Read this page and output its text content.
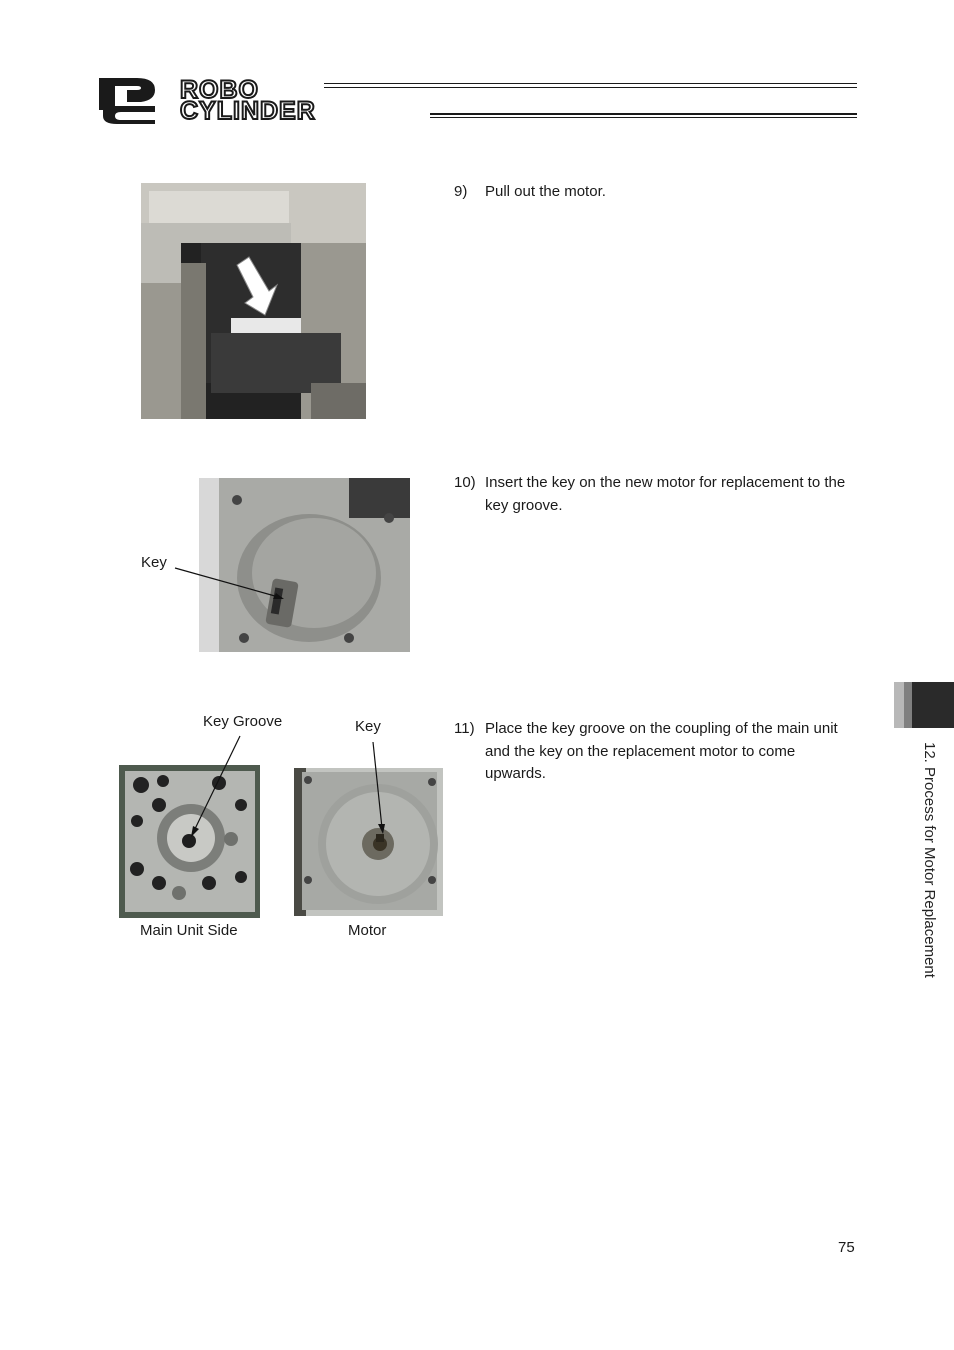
ROBO
CYLINDER
9)	Pull out the motor.
Key
10) Insert the key on the new motor for replacement to the key groove.
Key Groove	Key
Main Unit Side	Motor
11) Place the key groove on the coupling of the main unit and the key on the replacement motor to come upwards.	12. Process for Motor Replacement
75
